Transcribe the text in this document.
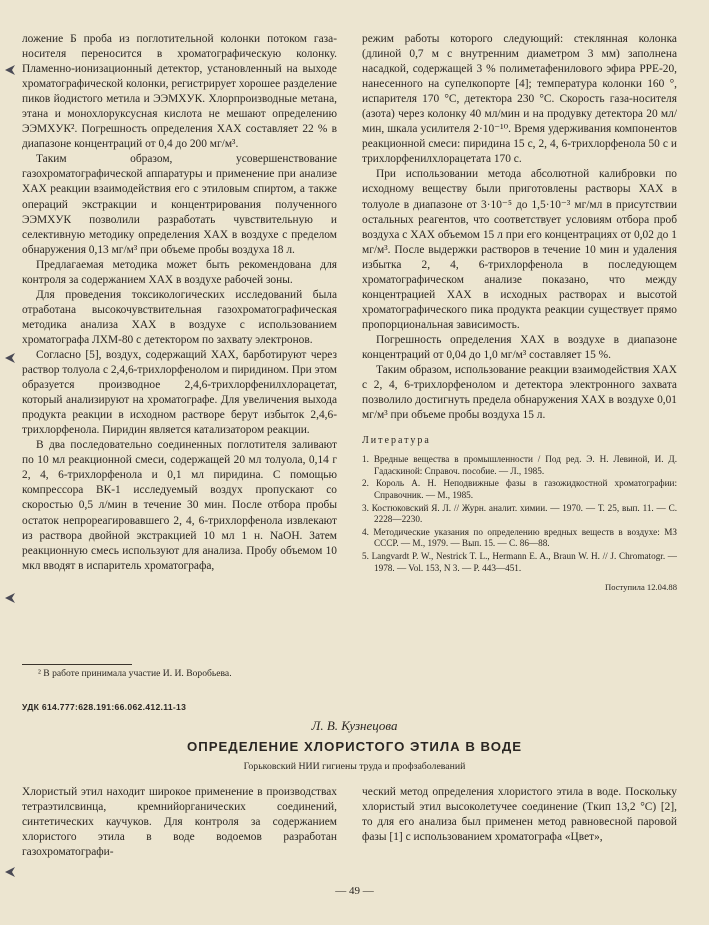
ложение Б проба из поглотительной колонки потоком газа-носителя переносится в хроматографическую колонку. Пламенно-ионизационный детектор, установленный на выходе хроматографической колонки, регистрирует хорошее разделение пиков йодистого метила и ЭЭМХУК. Хлорпроизводные метана, этана и монохлоруксусная кислота не мешают определению ЭЭМХУК². Погрешность определения ХАХ составляет 22 % в диапазоне концентраций от 0,4 до 200 мг/м³.

Таким образом, усовершенствование газохроматографической аппаратуры и применение при анализе ХАХ реакции взаимодействия его с этиловым спиртом, а также операций экстракции и концентрирования полученного ЭЭМХУК позволили разработать чувствительную и селективную методику определения ХАХ в воздухе с пределом обнаружения 0,13 мг/м³ при объеме пробы воздуха 18 л.

Предлагаемая методика может быть рекомендована для контроля за содержанием ХАХ в воздухе рабочей зоны.

Для проведения токсикологических исследований была отработана высокочувствительная газохроматографическая методика анализа ХАХ в воздухе с использованием хроматографа ЛХМ-80 с детектором по захвату электронов.

Согласно [5], воздух, содержащий ХАХ, барботируют через раствор толуола с 2,4,6-трихлорфенолом и пиридином. При этом образуется производное 2,4,6-трихлорфенилхлорацетат, который анализируют на хроматографе. Для увеличения выхода продукта реакции в исходном растворе берут избыток 2,4,6-трихлорфенола. Пиридин является катализатором реакции.

В два последовательно соединенных поглотителя заливают по 10 мл реакционной смеси, содержащей 20 мл толуола, 0,14 г 2, 4, 6-трихлорфенола и 0,1 мл пиридина. С помощью компрессора ВК-1 исследуемый воздух пропускают со скоростью 0,5 л/мин в течение 30 мин. После отбора пробы остаток непрореагировавшего 2, 4, 6-трихлорфенола извлекают из раствора двойной экстракцией 10 мл 1 н. NaOH. Затем реакционную смесь используют для анализа. Пробу объемом 10 мкл вводят в испаритель хроматографа,

режим работы которого следующий: стеклянная колонка (длиной 0,7 м с внутренним диаметром 3 мм) заполнена насадкой, содержащей 3 % полиметафенилового эфира PPE-20, нанесенного на супелкопорте [4]; температура колонки 160 °, испарителя 170 °С, детектора 230 °С. Скорость газа-носителя (азота) через колонку 40 мл/мин и на продувку детектора 20 мл/мин, шкала усилителя 2·10⁻¹⁰. Время удерживания компонентов реакционной смеси: пиридина 15 с, 2, 4, 6-трихлорфенола 50 с и трихлорфенилхлорацетата 170 с.

При использовании метода абсолютной калибровки по исходному веществу были приготовлены растворы ХАХ в толуоле в диапазоне от 3·10⁻⁵ до 1,5·10⁻³ мг/мл в присутствии остальных реагентов, что соответствует условиям отбора проб воздуха с ХАХ объемом 15 л при его концентрациях от 0,02 до 1 мг/м³. После выдержки растворов в течение 10 мин и удаления избытка 2, 4, 6-трихлорфенола в последующем хроматографическом анализе показано, что между концентрацией ХАХ в исходных растворах и высотой хроматографического пика продукта реакции существует прямо пропорциональная зависимость.

Погрешность определения ХАХ в воздухе в диапазоне концентраций от 0,04 до 1,0 мг/м³ составляет 15 %.

Таким образом, использование реакции взаимодействия ХАХ с 2, 4, 6-трихлорфенолом и детектора электронного захвата позволило достигнуть предела обнаружения ХАХ в воздухе 0,01 мг/м³ при объеме пробы воздуха 15 л.

Литература
1. Вредные вещества в промышленности / Под ред. Э. Н. Левиной, И. Д. Гадаскиной: Справоч. пособие. — Л., 1985.
2. Король А. Н. Неподвижные фазы в газожидкостной хроматографии: Справочник. — М., 1985.
3. Костюковский Я. Л. // Журн. аналит. химии. — 1970. — Т. 25, вып. 11. — С. 2228—2230.
4. Методические указания по определению вредных веществ в воздухе: МЗ СССР. — М., 1979. — Вып. 15. — С. 86—88.
5. Langvardt P. W., Nestrick T. L., Hermann E. A., Braun W. H. // J. Chromatogr. — 1978. — Vol. 153, N 3. — P. 443—451.
Поступила 12.04.88
² В работе принимала участие И. И. Воробьева.
УДК 614.777:628.191:66.062.412.11-13
Л. В. Кузнецова
ОПРЕДЕЛЕНИЕ ХЛОРИСТОГО ЭТИЛА В ВОДЕ
Горьковский НИИ гигиены труда и профзаболеваний
Хлористый этил находит широкое применение в производствах тетраэтилсвинца, кремнийорганических соединений, синтетических каучуков. Для контроля за содержанием хлористого этила в воде водоемов разработан газохроматографи-
ческий метод определения хлористого этила в воде. Поскольку хлористый этил высоколетучее соединение (Tкип 13,2 °С) [2], то для его анализа был применен метод равновесной паровой фазы [1] с использованием хроматографа «Цвет»,
— 49 —
